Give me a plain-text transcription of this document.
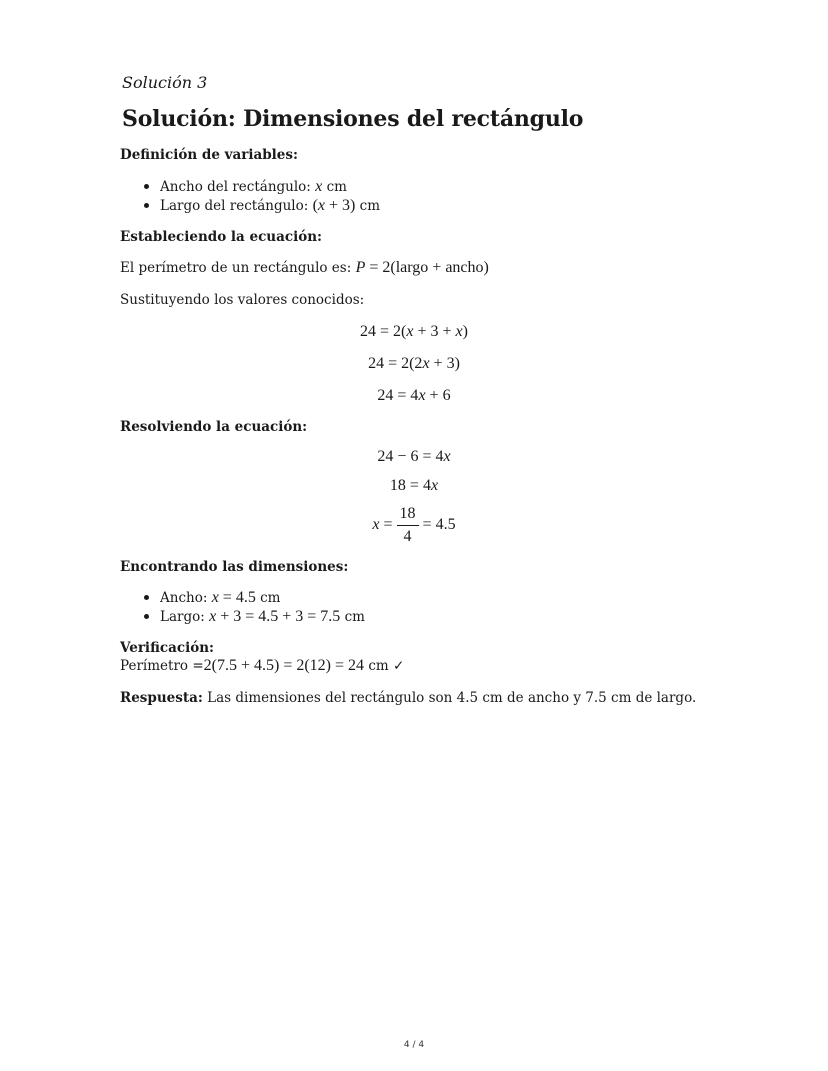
Solución 3
Solución: Dimensiones del rectángulo
Definición de variables:
Ancho del rectángulo: x cm
Largo del rectángulo: (x + 3) cm
Estableciendo la ecuación:
El perímetro de un rectángulo es: P = 2(largo + ancho)
Sustituyendo los valores conocidos:
24 = 2(x + 3 + x)
24 = 2(2x + 3)
24 = 4x + 6
Resolviendo la ecuación:
24 − 6 = 4x
18 = 4x
$x = \frac{18}{4} = 4.5$
Encontrando las dimensiones:
Ancho: x = 4.5 cm
Largo: x + 3 = 4.5 + 3 = 7.5 cm
Verificación:
Perímetro =2(7.5 + 4.5) = 2(12) = 24 cm ✓
Respuesta: Las dimensiones del rectángulo son 4.5 cm de ancho y 7.5 cm de largo.
4 / 4
